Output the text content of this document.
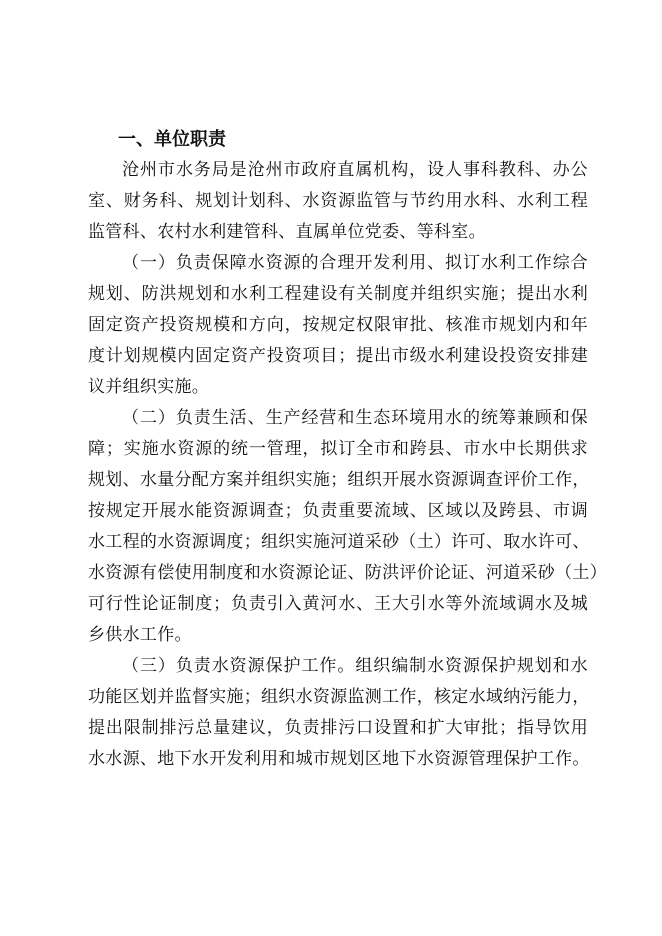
一、单位职责
沧州市水务局是沧州市政府直属机构，设人事科教科、办公
室、财务科、规划计划科、水资源监管与节约用水科、水利工程
监管科、农村水利建管科、直属单位党委、等科室。
（一）负责保障水资源的合理开发利用、拟订水利工作综合
规划、防洪规划和水利工程建设有关制度并组织实施；提出水利
固定资产投资规模和方向，按规定权限审批、核准市规划内和年
度计划规模内固定资产投资项目；提出市级水利建设投资安排建
议并组织实施。
（二）负责生活、生产经营和生态环境用水的统筹兼顾和保
障；实施水资源的统一管理，拟订全市和跨县、市水中长期供求
规划、水量分配方案并组织实施；组织开展水资源调查评价工作，
按规定开展水能资源调查；负责重要流域、区域以及跨县、市调
水工程的水资源调度；组织实施河道采砂（土）许可、取水许可、
水资源有偿使用制度和水资源论证、防洪评价论证、河道采砂（土）
可行性论证制度；负责引入黄河水、王大引水等外流域调水及城
乡供水工作。
（三）负责水资源保护工作。组织编制水资源保护规划和水
功能区划并监督实施；组织水资源监测工作，核定水域纳污能力，
提出限制排污总量建议，负责排污口设置和扩大审批；指导饮用
水水源、地下水开发利用和城市规划区地下水资源管理保护工作。
